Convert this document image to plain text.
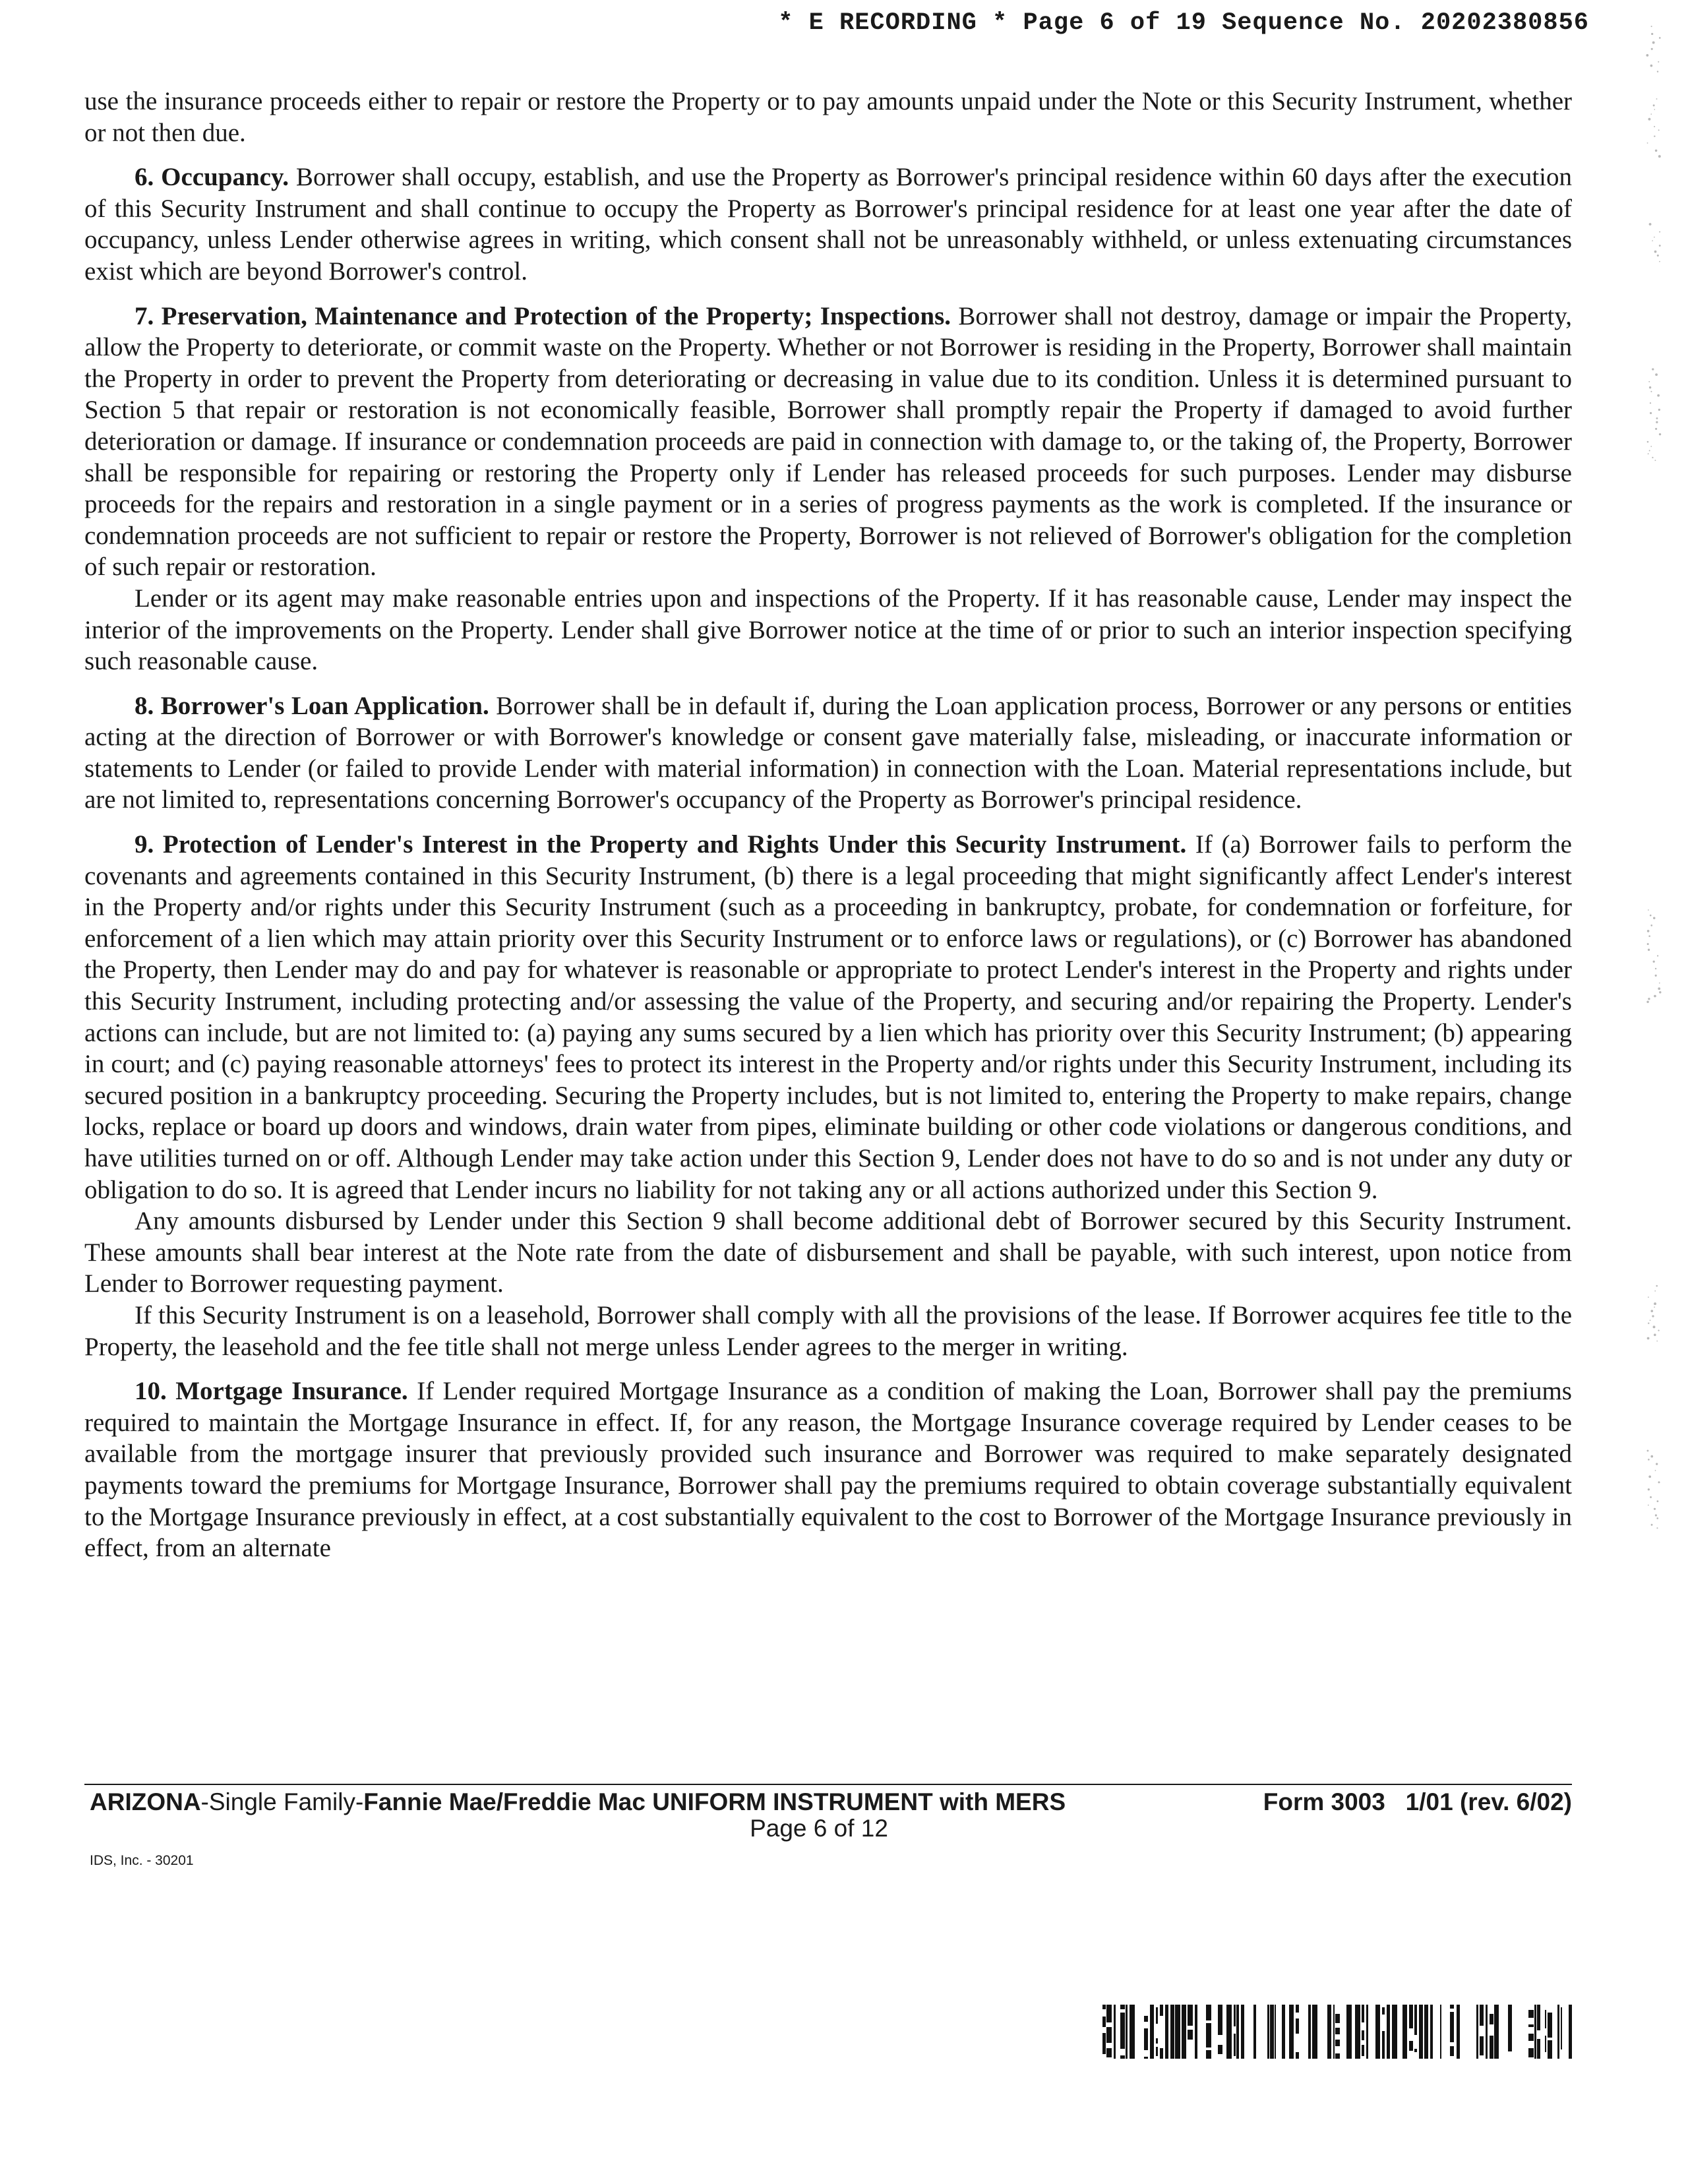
* E RECORDING * Page 6 of 19 Sequence No. 20202380856

use the insurance proceeds either to repair or restore the Property or to pay amounts unpaid under the Note or this Security Instrument, whether or not then due.

6. Occupancy. Borrower shall occupy, establish, and use the Property as Borrower's principal residence within 60 days after the execution of this Security Instrument and shall continue to occupy the Property as Borrower's principal residence for at least one year after the date of occupancy, unless Lender otherwise agrees in writing, which consent shall not be unreasonably withheld, or unless extenuating circumstances exist which are beyond Borrower's control.

7. Preservation, Maintenance and Protection of the Property; Inspections. Borrower shall not destroy, damage or impair the Property, allow the Property to deteriorate, or commit waste on the Property. Whether or not Borrower is residing in the Property, Borrower shall maintain the Property in order to prevent the Property from deteriorating or decreasing in value due to its condition. Unless it is determined pursuant to Section 5 that repair or restoration is not economically feasible, Borrower shall promptly repair the Property if damaged to avoid further deterioration or damage. If insurance or condemnation proceeds are paid in connection with damage to, or the taking of, the Property, Borrower shall be responsible for repairing or restoring the Property only if Lender has released proceeds for such purposes. Lender may disburse proceeds for the repairs and restoration in a single payment or in a series of progress payments as the work is completed. If the insurance or condemnation proceeds are not sufficient to repair or restore the Property, Borrower is not relieved of Borrower's obligation for the completion of such repair or restoration.

Lender or its agent may make reasonable entries upon and inspections of the Property. If it has reasonable cause, Lender may inspect the interior of the improvements on the Property. Lender shall give Borrower notice at the time of or prior to such an interior inspection specifying such reasonable cause.

8. Borrower's Loan Application. Borrower shall be in default if, during the Loan application process, Borrower or any persons or entities acting at the direction of Borrower or with Borrower's knowledge or consent gave materially false, misleading, or inaccurate information or statements to Lender (or failed to provide Lender with material information) in connection with the Loan. Material representations include, but are not limited to, representations concerning Borrower's occupancy of the Property as Borrower's principal residence.

9. Protection of Lender's Interest in the Property and Rights Under this Security Instrument. If (a) Borrower fails to perform the covenants and agreements contained in this Security Instrument, (b) there is a legal proceeding that might significantly affect Lender's interest in the Property and/or rights under this Security Instrument (such as a proceeding in bankruptcy, probate, for condemnation or forfeiture, for enforcement of a lien which may attain priority over this Security Instrument or to enforce laws or regulations), or (c) Borrower has abandoned the Property, then Lender may do and pay for whatever is reasonable or appropriate to protect Lender's interest in the Property and rights under this Security Instrument, including protecting and/or assessing the value of the Property, and securing and/or repairing the Property. Lender's actions can include, but are not limited to: (a) paying any sums secured by a lien which has priority over this Security Instrument; (b) appearing in court; and (c) paying reasonable attorneys' fees to protect its interest in the Property and/or rights under this Security Instrument, including its secured position in a bankruptcy proceeding. Securing the Property includes, but is not limited to, entering the Property to make repairs, change locks, replace or board up doors and windows, drain water from pipes, eliminate building or other code violations or dangerous conditions, and have utilities turned on or off. Although Lender may take action under this Section 9, Lender does not have to do so and is not under any duty or obligation to do so. It is agreed that Lender incurs no liability for not taking any or all actions authorized under this Section 9.

Any amounts disbursed by Lender under this Section 9 shall become additional debt of Borrower secured by this Security Instrument. These amounts shall bear interest at the Note rate from the date of disbursement and shall be payable, with such interest, upon notice from Lender to Borrower requesting payment.

If this Security Instrument is on a leasehold, Borrower shall comply with all the provisions of the lease. If Borrower acquires fee title to the Property, the leasehold and the fee title shall not merge unless Lender agrees to the merger in writing.

10. Mortgage Insurance. If Lender required Mortgage Insurance as a condition of making the Loan, Borrower shall pay the premiums required to maintain the Mortgage Insurance in effect. If, for any reason, the Mortgage Insurance coverage required by Lender ceases to be available from the mortgage insurer that previously provided such insurance and Borrower was required to make separately designated payments toward the premiums for Mortgage Insurance, Borrower shall pay the premiums required to obtain coverage substantially equivalent to the Mortgage Insurance previously in effect, at a cost substantially equivalent to the cost to Borrower of the Mortgage Insurance previously in effect, from an alternate

ARIZONA-Single Family-Fannie Mae/Freddie Mac UNIFORM INSTRUMENT with MERS	Form 3003   1/01 (rev. 6/02)
Page 6 of 12
IDS, Inc. - 30201
